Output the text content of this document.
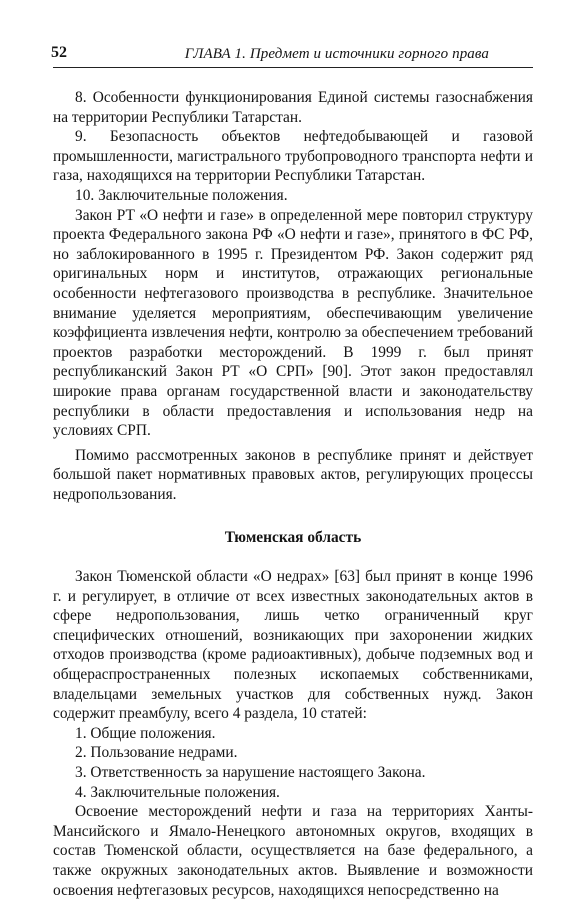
52	ГЛАВА 1. Предмет и источники горного права

8. Особенности функционирования Единой системы газоснабжения на территории Республики Татарстан.

9. Безопасность объектов нефтедобывающей и газовой промышленности, магистрального трубопроводного транспорта нефти и газа, находящихся на территории Республики Татарстан.

10. Заключительные положения.

Закон РТ «О нефти и газе» в определенной мере повторил структуру проекта Федерального закона РФ «О нефти и газе», принятого в ФС РФ, но заблокированного в 1995 г. Президентом РФ. Закон содержит ряд оригинальных норм и институтов, отражающих региональные особенности нефтегазового производства в республике. Значительное внимание уделяется мероприятиям, обеспечивающим увеличение коэффициента извлечения нефти, контролю за обеспечением требований проектов разработки месторождений. В 1999 г. был принят республиканский Закон РТ «О СРП» [90]. Этот закон предоставлял широкие права органам государственной власти и законодательству республики в области предоставления и использования недр на условиях СРП.

Помимо рассмотренных законов в республике принят и действует большой пакет нормативных правовых актов, регулирующих процессы недропользования.

Тюменская область

Закон Тюменской области «О недрах» [63] был принят в конце 1996 г. и регулирует, в отличие от всех известных законодательных актов в сфере недропользования, лишь четко ограниченный круг специфических отношений, возникающих при захоронении жидких отходов производства (кроме радиоактивных), добыче подземных вод и общераспространенных полезных ископаемых собственниками, владельцами земельных участков для собственных нужд. Закон содержит преамбулу, всего 4 раздела, 10 статей:

1. Общие положения.

2. Пользование недрами.

3. Ответственность за нарушение настоящего Закона.

4. Заключительные положения.

Освоение месторождений нефти и газа на территориях Ханты-Мансийского и Ямало-Ненецкого автономных округов, входящих в состав Тюменской области, осуществляется на базе федерального, а также окружных законодательных актов. Выявление и возможности освоения нефтегазовых ресурсов, находящихся непосредственно на
